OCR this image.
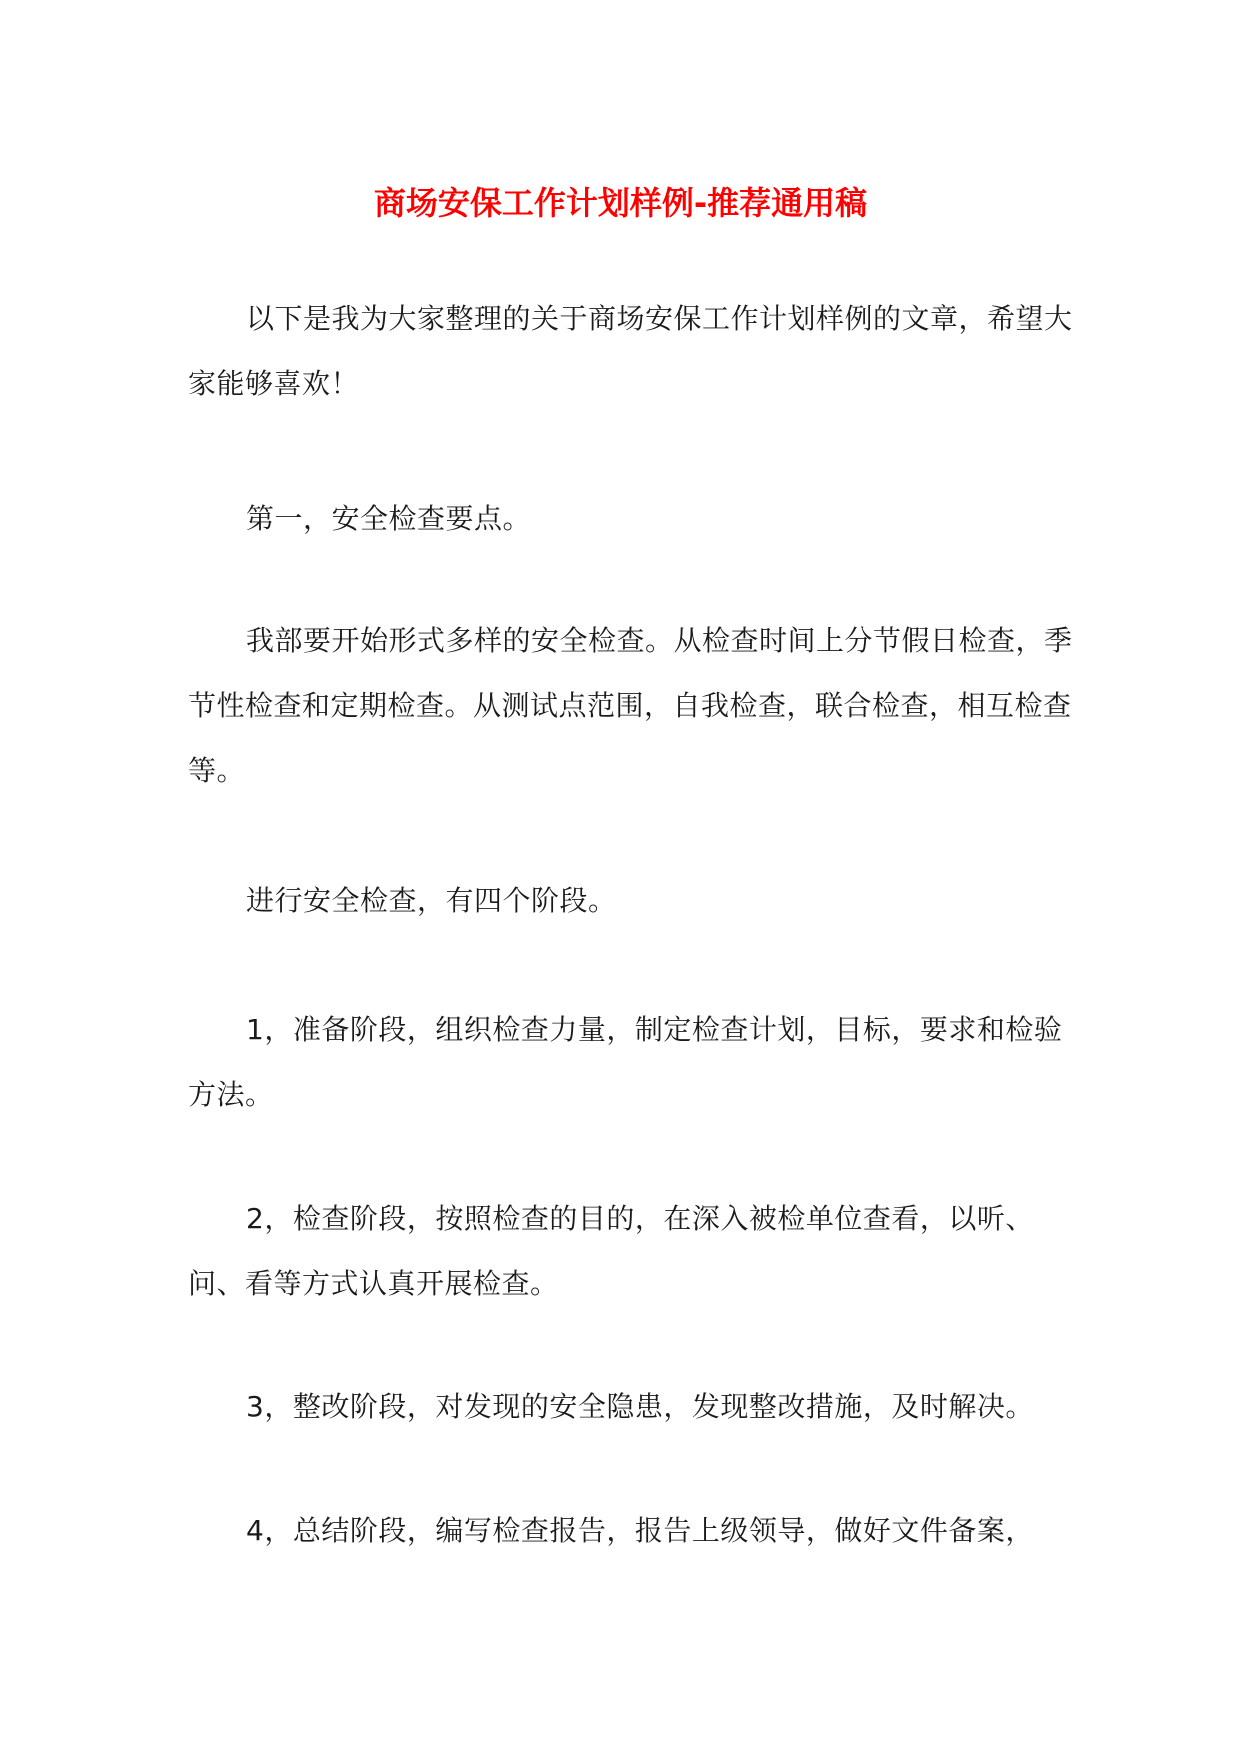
商场安保工作计划样例-推荐通用稿

以下是我为大家整理的关于商场安保工作计划样例的文章，希望大家能够喜欢！

第一，安全检查要点。

我部要开始形式多样的安全检查。从检查时间上分节假日检查，季节性检查和定期检查。从测试点范围，自我检查，联合检查，相互检查等。

进行安全检查，有四个阶段。

1，准备阶段，组织检查力量，制定检查计划，目标，要求和检验方法。

2，检查阶段，按照检查的目的，在深入被检单位查看，以听、问、看等方式认真开展检查。

3，整改阶段，对发现的安全隐患，发现整改措施，及时解决。

4，总结阶段，编写检查报告，报告上级领导，做好文件备案，
